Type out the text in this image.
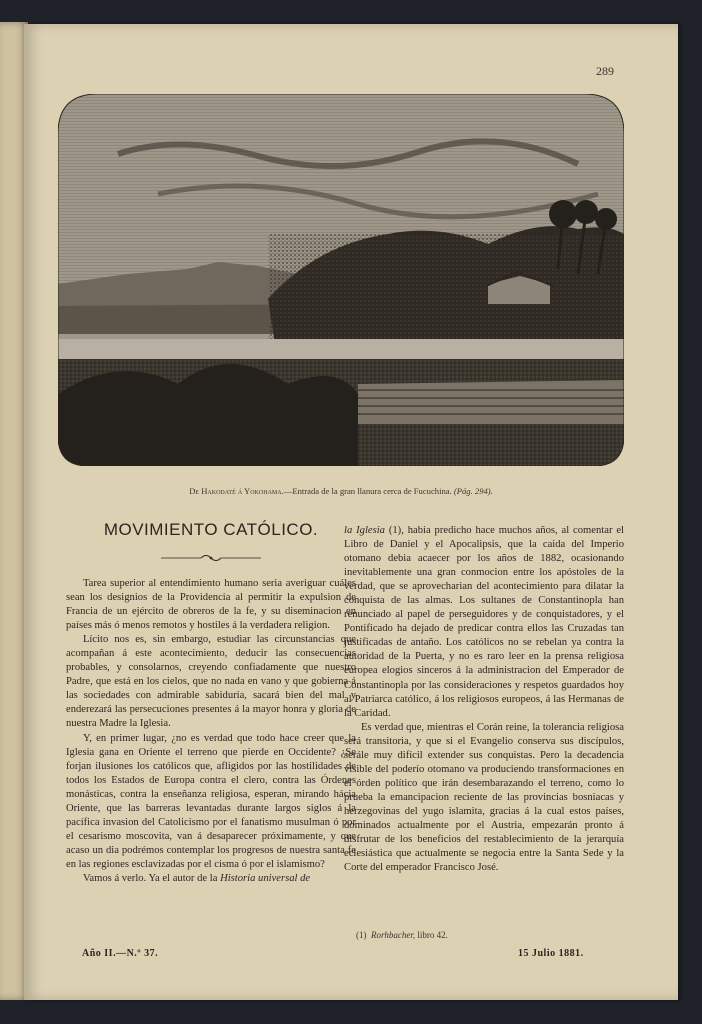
289
De Hakodaté á Yokohama.—Entrada de la gran llanura cerca de Fucuchina. (Pág. 294).
MOVIMIENTO CATÓLICO.

Tarea superior al entendimiento humano seria averiguar cuáles sean los designios de la Providencia al permitir la expulsion de Francia de un ejército de obreros de la fe, y su diseminacion en países más ó menos remotos y hostiles á la verdadera religion.

Lícito nos es, sin embargo, estudiar las circunstancias que acompañan á este acontecimiento, deducir las consecuencias probables, y consolarnos, creyendo confiadamente que nuestro Padre, que está en los cielos, que no nada en vano y que gobierna á las sociedades con admirable sabiduría, sacará bien del mal y enderezará las persecuciones presentes á la mayor honra y gloria de nuestra Madre la Iglesia.

Y, en primer lugar, ¿no es verdad que todo hace creer que la Iglesia gana en Oriente el terreno que pierde en Occidente? ¿Se forjan ilusiones los católicos que, afligidos por las hostilidades de todos los Estados de Europa contra el clero, contra las Órdenes monásticas, contra la enseñanza religiosa, esperan, mirando hácia Oriente, que las barreras levantadas durante largos siglos á la pacífica invasion del Catolicismo por el fanatismo musulman ó por el cesarismo moscovita, van á desaparecer próximamente, y que acaso un dia podrémos contemplar los progresos de nuestra santa fe en las regiones esclavizadas por el cisma ó por el islamismo?

Vamos á verlo. Ya el autor de la Historia universal de

la Iglesia (1), habia predicho hace muchos años, al comentar el Libro de Daniel y el Apocalipsis, que la caida del Imperio otomano debia acaecer por los años de 1882, ocasionando inevitablemente una gran conmocion entre los apóstoles de la verdad, que se aprovecharian del acontecimiento para dilatar la conquista de las almas. Los sultanes de Constantinopla han renunciado al papel de perseguidores y de conquistadores, y el Pontificado ha dejado de predicar contra ellos las Cruzadas tan justificadas de antaño. Los católicos no se rebelan ya contra la autoridad de la Puerta, y no es raro leer en la prensa religiosa europea elogios sinceros á la administracion del Emperador de Constantinopla por las consideraciones y respetos guardados hoy al Patriarca católico, á los religiosos europeos, á las Hermanas de la Caridad.

Es verdad que, mientras el Corán reine, la tolerancia religiosa será transitoria, y que si el Evangelio conserva sus discípulos, serále muy difícil extender sus conquistas. Pero la decadencia visible del poderío otomano va produciendo transformaciones en el órden político que irán desembarazando el terreno, como lo prueba la emancipacion reciente de las provincias bosniacas y herzegovinas del yugo islamita, gracias á la cual estos países, dominados actualmente por el Austria, empezarán pronto á disfrutar de los beneficios del restablecimiento de la jerarquía eclesiástica que actualmente se negocia entre la Santa Sede y la Corte del emperador Francisco José.

(1) Rorhbacher, libro 42.
Año II.—N.º 37.	15 Julio 1881.
